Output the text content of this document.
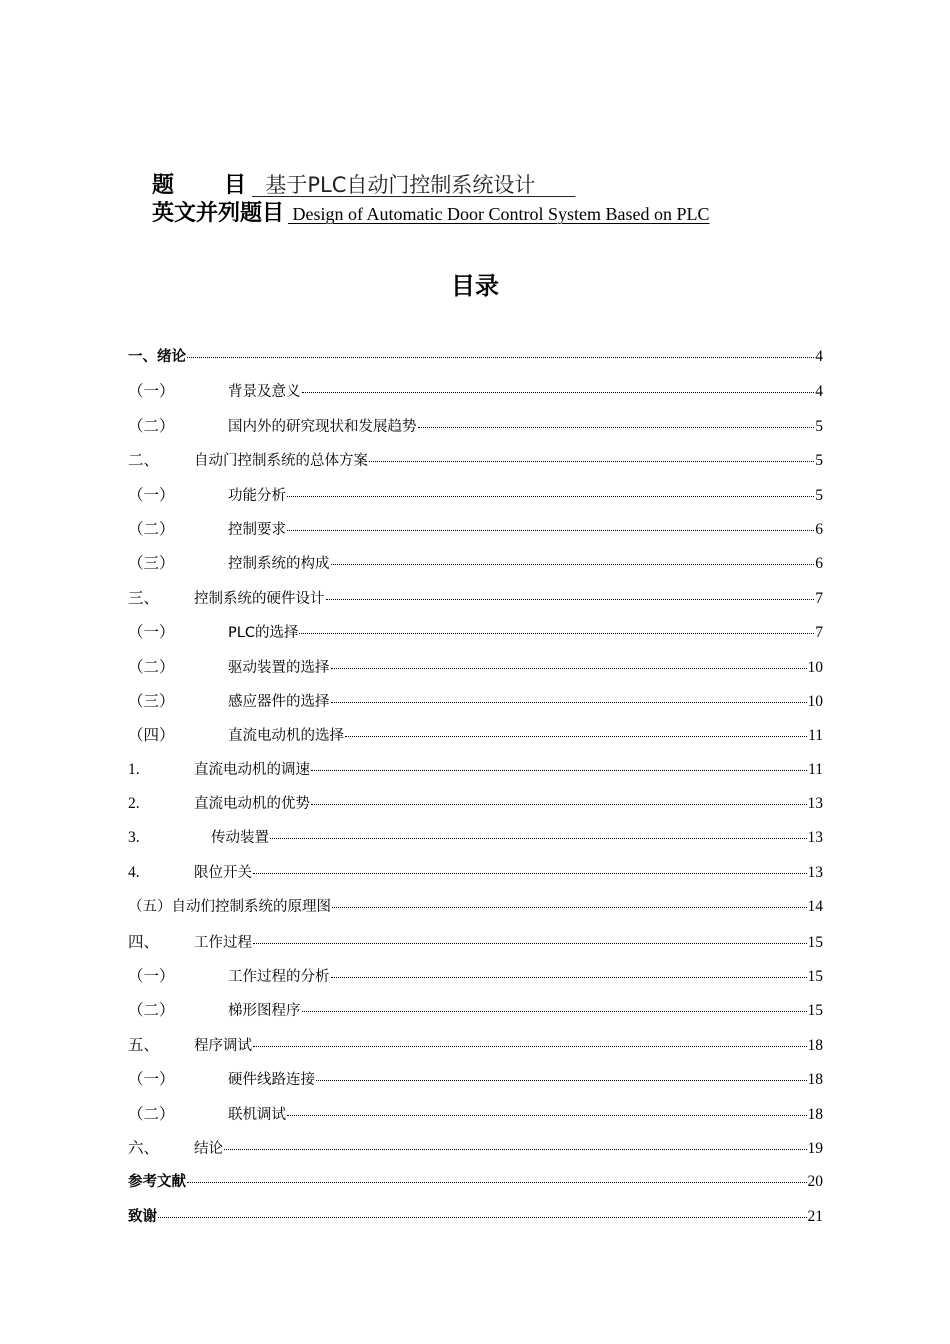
题目
基于PLC自动门控制系统设计
英文并列题目 Design of Automatic Door Control System Based on PLC
目录
一、绪论	4
（一）	背景及意义	4
（二）	国内外的研究现状和发展趋势	5
二、	自动门控制系统的总体方案	5
（一）	功能分析	5
（二）	控制要求	6
（三）	控制系统的构成	6
三、	控制系统的硬件设计	7
（一）	PLC的选择	7
（二）	驱动装置的选择	10
（三）	感应器件的选择	10
（四）	直流电动机的选择	11
1.	直流电动机的调速	11
2.	直流电动机的优势	13
3.	传动装置	13
4.	限位开关	13
（五）自动们控制系统的原理图	14
四、	工作过程	15
（一）	工作过程的分析	15
（二）	梯形图程序	15
五、	程序调试	18
（一）	硬件线路连接	18
（二）	联机调试	18
六、	结论	19
参考文献	20
致谢	21
